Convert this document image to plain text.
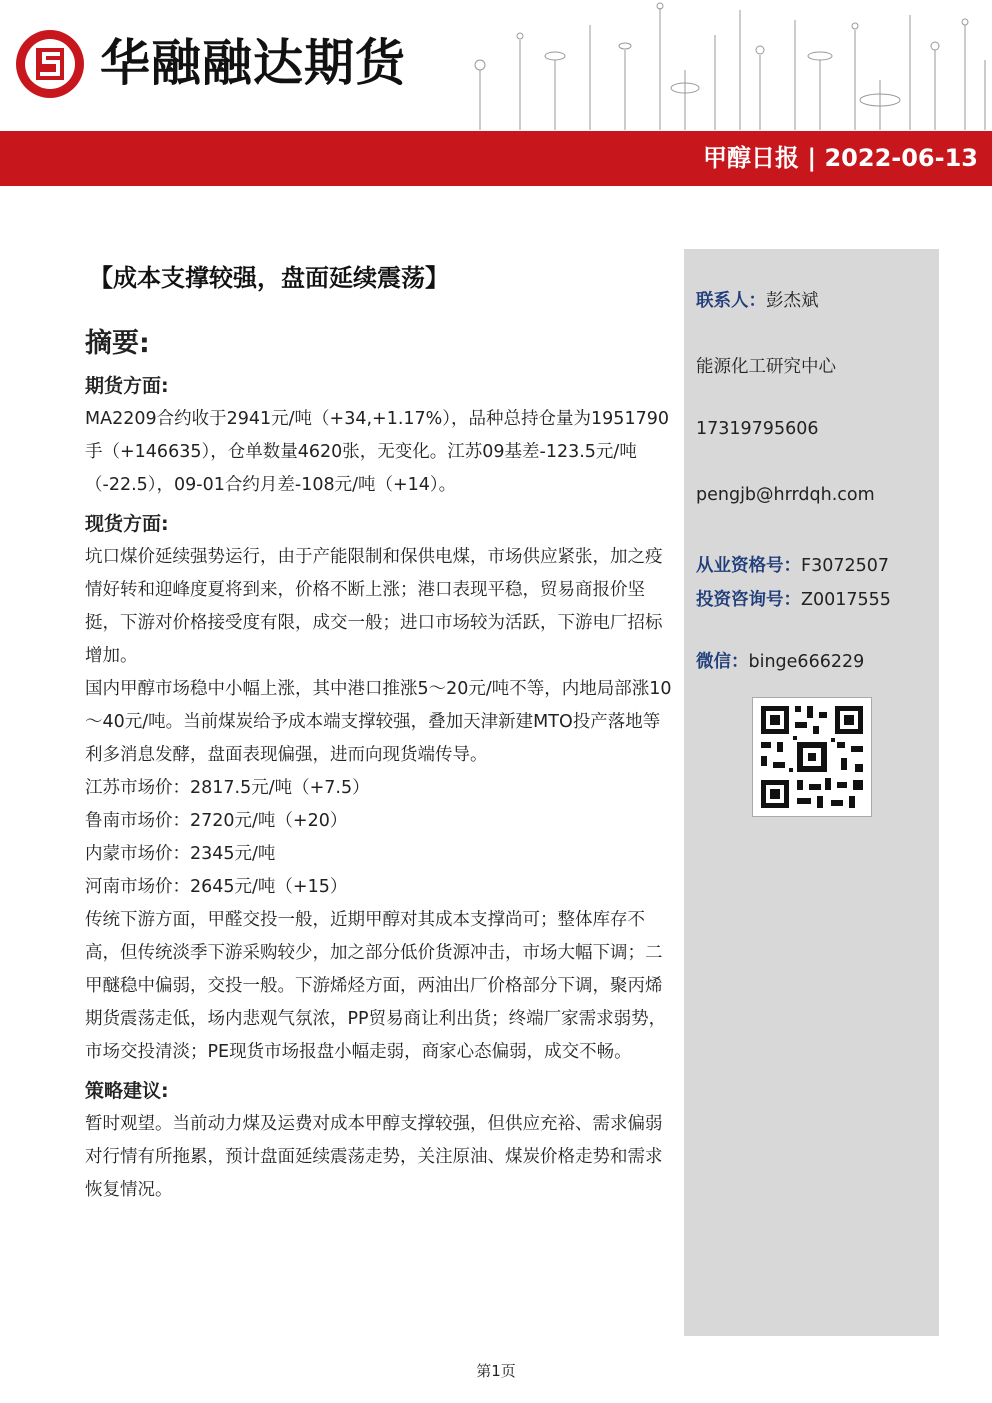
华融融达期货
甲醇日报 | 2022-06-13

【成本支撑较强，盘面延续震荡】

摘要:
期货方面:

MA2209合约收于2941元/吨（+34,+1.17%），品种总持仓量为1951790手（+146635），仓单数量4620张，无变化。江苏09基差-123.5元/吨（-22.5），09-01合约月差-108元/吨（+14）。

现货方面:

坑口煤价延续强势运行，由于产能限制和保供电煤，市场供应紧张，加之疫情好转和迎峰度夏将到来，价格不断上涨；港口表现平稳，贸易商报价坚挺，下游对价格接受度有限，成交一般；进口市场较为活跃，下游电厂招标增加。

国内甲醇市场稳中小幅上涨，其中港口推涨5～20元/吨不等，内地局部涨10～40元/吨。当前煤炭给予成本端支撑较强，叠加天津新建MTO投产落地等利多消息发酵，盘面表现偏强，进而向现货端传导。

江苏市场价：2817.5元/吨（+7.5）

鲁南市场价：2720元/吨（+20）

内蒙市场价：2345元/吨

河南市场价：2645元/吨（+15）

传统下游方面，甲醛交投一般，近期甲醇对其成本支撑尚可；整体库存不高，但传统淡季下游采购较少，加之部分低价货源冲击，市场大幅下调；二甲醚稳中偏弱，交投一般。下游烯烃方面，两油出厂价格部分下调，聚丙烯期货震荡走低，场内悲观气氛浓，PP贸易商让利出货；终端厂家需求弱势，市场交投清淡；PE现货市场报盘小幅走弱，商家心态偏弱，成交不畅。

策略建议:

暂时观望。当前动力煤及运费对成本甲醇支撑较强，但供应充裕、需求偏弱对行情有所拖累，预计盘面延续震荡走势，关注原油、煤炭价格走势和需求恢复情况。

联系人：彭杰斌
能源化工研究中心
17319795606
pengjb@hrrdqh.com
从业资格号：F3072507
投资咨询号：Z0017555
微信：binge666229
第1页
